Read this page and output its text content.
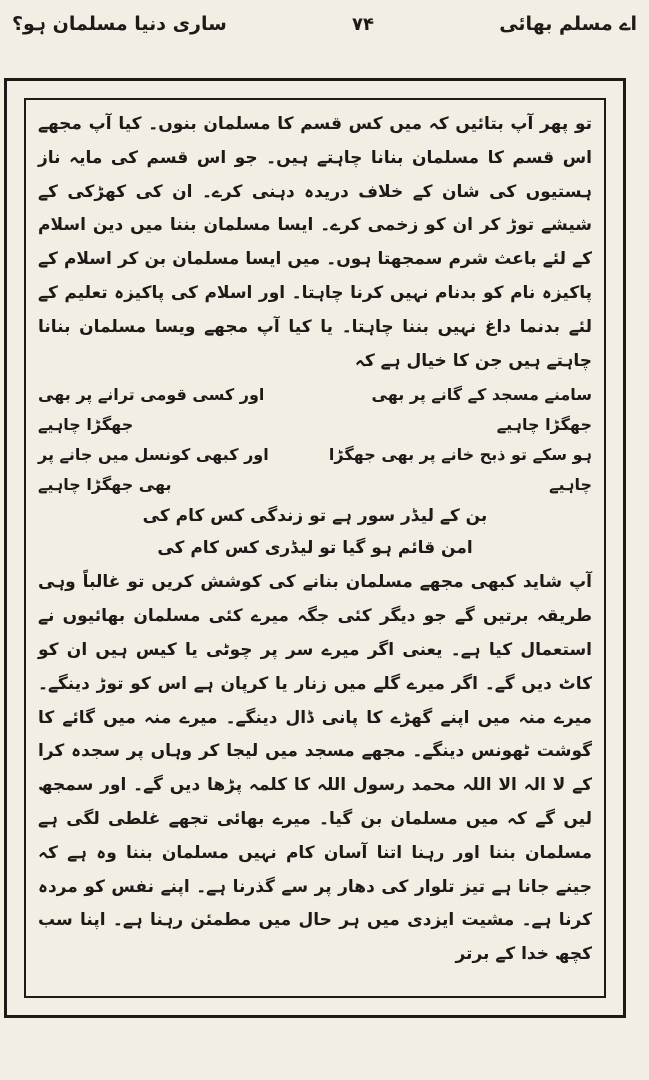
اے مسلم بھائی
۷۴
ساری دنیا مسلمان ہو؟

تو پھر آپ بتائیں کہ میں کس قسم کا مسلمان بنوں۔ کیا آپ مجھے اس قسم کا مسلمان بنانا چاہتے ہیں۔ جو اس قسم کی مایہ ناز ہستیوں کی شان کے خلاف دریدہ دہنی کرے۔ ان کی کھڑکی کے شیشے توڑ کر ان کو زخمی کرے۔ ایسا مسلمان بننا میں دین اسلام کے لئے باعث شرم سمجھتا ہوں۔ میں ایسا مسلمان بن کر اسلام کے پاکیزہ نام کو بدنام نہیں کرنا چاہتا۔ اور اسلام کی پاکیزہ تعلیم کے لئے بدنما داغ نہیں بننا چاہتا۔ یا کیا آپ مجھے ویسا مسلمان بنانا چاہتے ہیں جن کا خیال ہے کہ

سامنے مسجد کے گانے پر بھی جھگڑا چاہیے
اور کسی قومی ترانے پر بھی جھگڑا چاہیے
ہو سکے تو ذبح خانے پر بھی جھگڑا چاہیے
اور کبھی کونسل میں جانے پر بھی جھگڑا چاہیے
بن کے لیڈر سور ہے تو زندگی کس کام کی
امن قائم ہو گیا تو لیڈری کس کام کی

آپ شاید کبھی مجھے مسلمان بنانے کی کوشش کریں تو غالباً وہی طریقہ برتیں گے جو دیگر کئی جگہ میرے کئی مسلمان بھائیوں نے استعمال کیا ہے۔ یعنی اگر میرے سر پر چوٹی یا کیس ہیں ان کو کاٹ دیں گے۔ اگر میرے گلے میں زنار یا کرپان ہے اس کو توڑ دینگے۔ میرے منہ میں اپنے گھڑے کا پانی ڈال دینگے۔ میرے منہ میں گائے کا گوشت ٹھونس دینگے۔ مجھے مسجد میں لیجا کر وہاں پر سجدہ کرا کے لا الہ الا اللہ محمد رسول اللہ کا کلمہ پڑھا دیں گے۔ اور سمجھ لیں گے کہ میں مسلمان بن گیا۔ میرے بھائی تجھے غلطی لگی ہے مسلمان بننا اور رہنا اتنا آسان کام نہیں مسلمان بننا وہ ہے کہ جینے جانا ہے تیز تلوار کی دھار پر سے گذرنا ہے۔ اپنے نفس کو مردہ کرنا ہے۔ مشیت ایزدی میں ہر حال میں مطمئن رہنا ہے۔ اپنا سب کچھ خدا کے برتر
